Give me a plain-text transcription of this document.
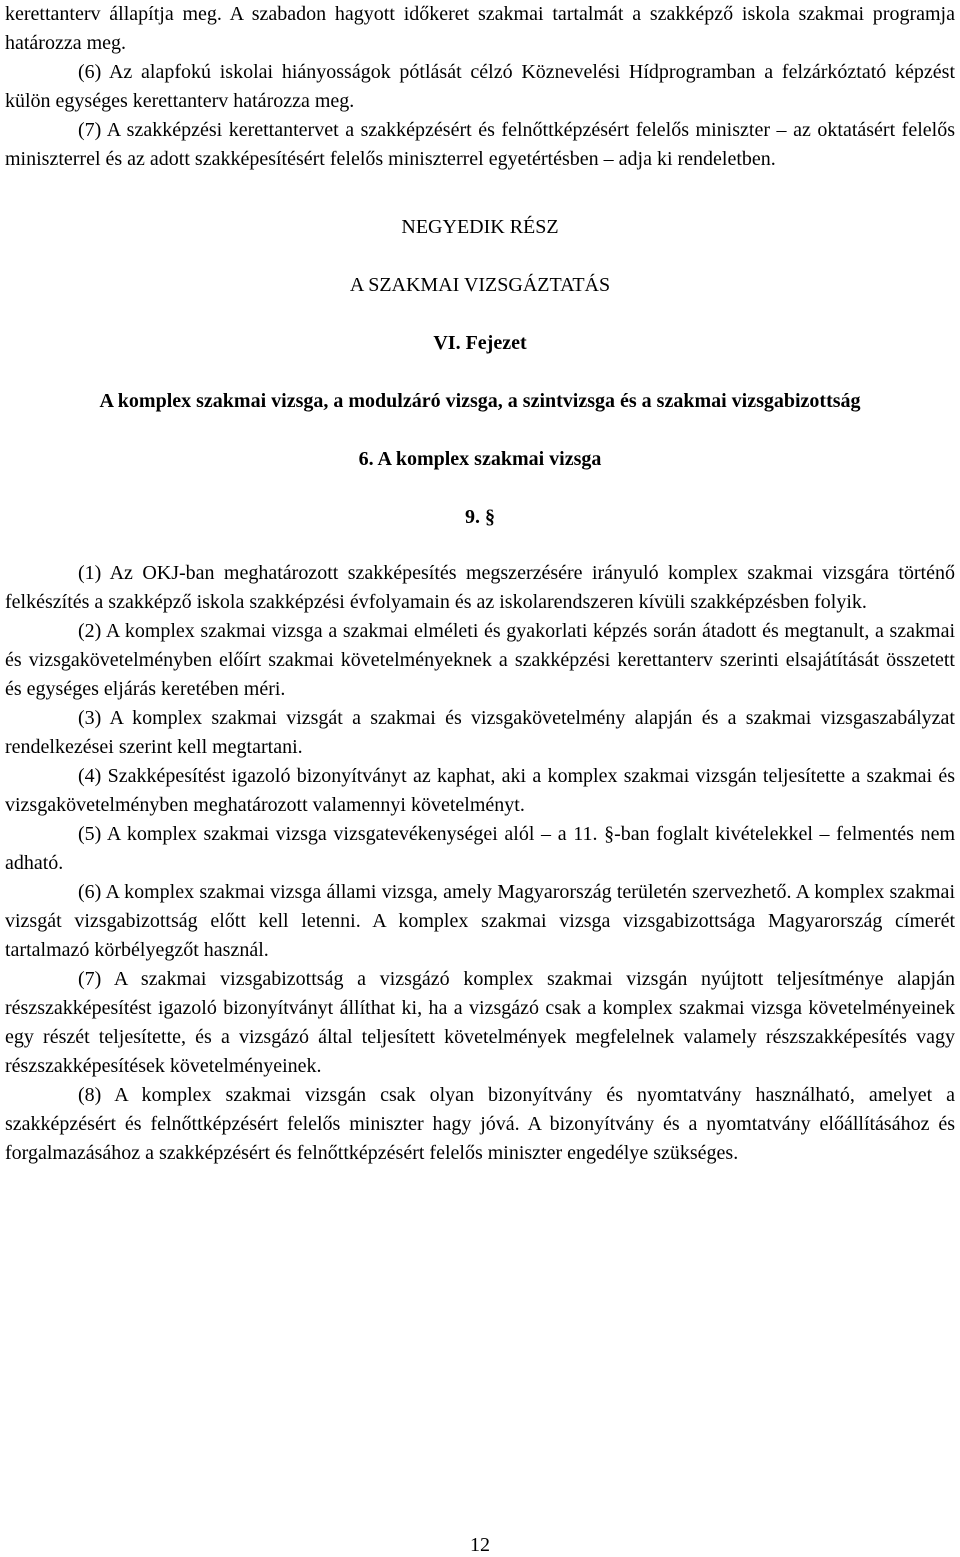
kerettanterv állapítja meg. A szabadon hagyott időkeret szakmai tartalmát a szakképző iskola szakmai programja határozza meg.

(6) Az alapfokú iskolai hiányosságok pótlását célzó Köznevelési Hídprogramban a felzárkóztató képzést külön egységes kerettanterv határozza meg.

(7) A szakképzési kerettantervet a szakképzésért és felnőttképzésért felelős miniszter – az oktatásért felelős miniszterrel és az adott szakképesítésért felelős miniszterrel egyetértésben – adja ki rendeletben.

NEGYEDIK RÉSZ
A SZAKMAI VIZSGÁZTATÁS
VI. Fejezet
A komplex szakmai vizsga, a modulzáró vizsga, a szintvizsga és a szakmai vizsgabizottság
6. A komplex szakmai vizsga
9. §

(1) Az OKJ-ban meghatározott szakképesítés megszerzésére irányuló komplex szakmai vizsgára történő felkészítés a szakképző iskola szakképzési évfolyamain és az iskolarendszeren kívüli szakképzésben folyik.

(2) A komplex szakmai vizsga a szakmai elméleti és gyakorlati képzés során átadott és megtanult, a szakmai és vizsgakövetelményben előírt szakmai követelményeknek a szakképzési kerettanterv szerinti elsajátítását összetett és egységes eljárás keretében méri.

(3) A komplex szakmai vizsgát a szakmai és vizsgakövetelmény alapján és a szakmai vizsgaszabályzat rendelkezései szerint kell megtartani.

(4) Szakképesítést igazoló bizonyítványt az kaphat, aki a komplex szakmai vizsgán teljesítette a szakmai és vizsgakövetelményben meghatározott valamennyi követelményt.

(5) A komplex szakmai vizsga vizsgatevékenységei alól – a 11. §-ban foglalt kivételekkel – felmentés nem adható.

(6) A komplex szakmai vizsga állami vizsga, amely Magyarország területén szervezhető. A komplex szakmai vizsgát vizsgabizottság előtt kell letenni. A komplex szakmai vizsga vizsgabizottsága Magyarország címerét tartalmazó körbélyegzőt használ.

(7) A szakmai vizsgabizottság a vizsgázó komplex szakmai vizsgán nyújtott teljesítménye alapján részszakképesítést igazoló bizonyítványt állíthat ki, ha a vizsgázó csak a komplex szakmai vizsga követelményeinek egy részét teljesítette, és a vizsgázó által teljesített követelmények megfelelnek valamely részszakképesítés vagy részszakképesítések követelményeinek.

(8) A komplex szakmai vizsgán csak olyan bizonyítvány és nyomtatvány használható, amelyet a szakképzésért és felnőttképzésért felelős miniszter hagy jóvá. A bizonyítvány és a nyomtatvány előállításához és forgalmazásához a szakképzésért és felnőttképzésért felelős miniszter engedélye szükséges.

12
